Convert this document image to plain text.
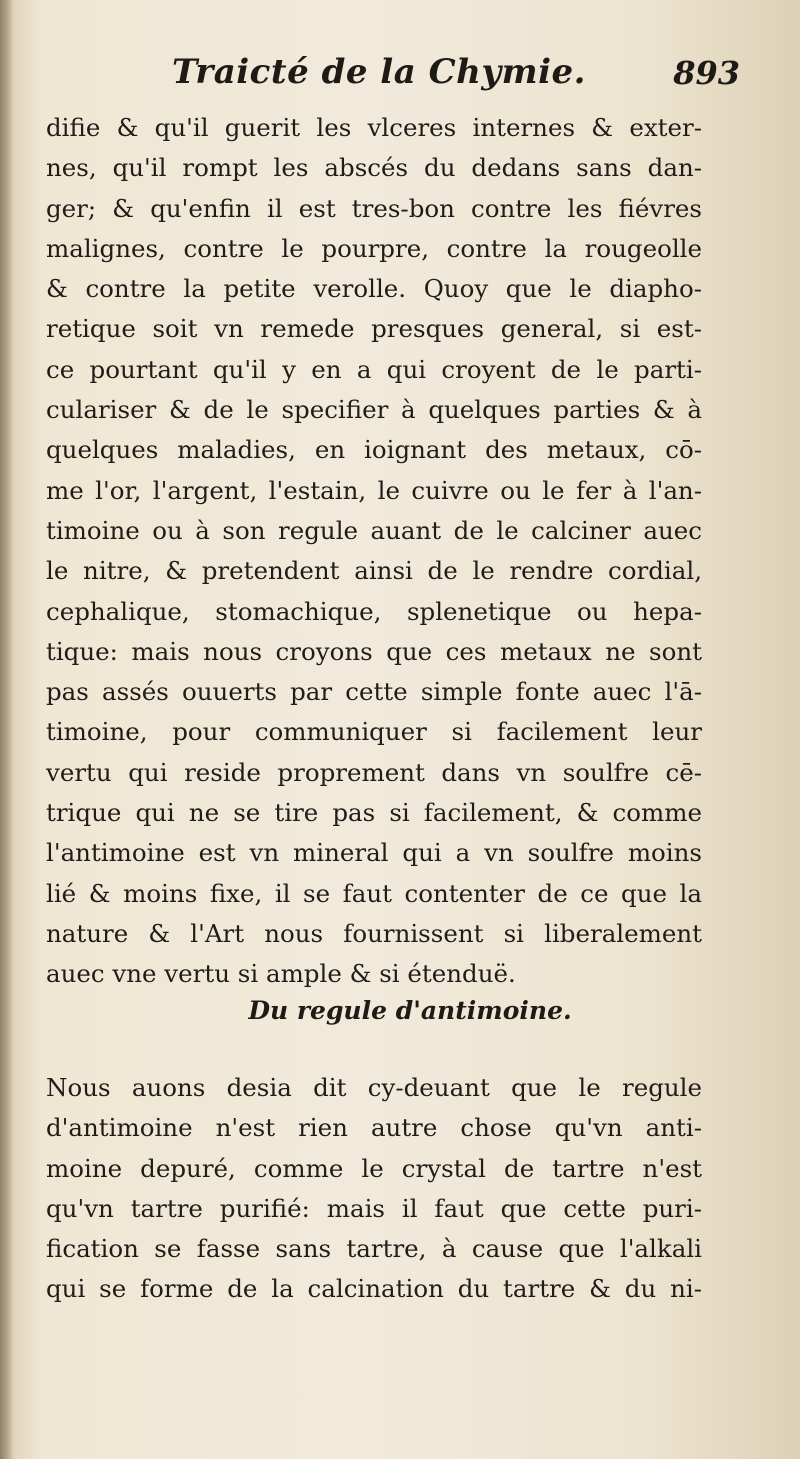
Traicté de la Chymie.	893
difie & qu'il guerit les vlceres internes & exter-
nes, qu'il rompt les abscés du dedans sans dan-
ger; & qu'enfin il est tres-bon contre les fiévres
malignes, contre le pourpre, contre la rougeolle
& contre la petite verolle. Quoy que le diapho-
retique soit vn remede presques general, si est-
ce pourtant qu'il y en a qui croyent de le parti-
culariser & de le specifier à quelques parties & à
quelques maladies, en ioignant des metaux, cō-
me l'or, l'argent, l'estain, le cuivre ou le fer à l'an-
timoine ou à son regule auant de le calciner auec
le nitre, & pretendent ainsi de le rendre cordial,
cephalique, stomachique, splenetique ou hepa-
tique: mais nous croyons que ces metaux ne sont
pas assés ouuerts par cette simple fonte auec l'ā-
timoine, pour communiquer si facilement leur
vertu qui reside proprement dans vn soulfre cē-
trique qui ne se tire pas si facilement, & comme
l'antimoine est vn mineral qui a vn soulfre moins
lié & moins fixe, il se faut contenter de ce que la
nature & l'Art nous fournissent si liberalement
auec vne vertu si ample & si étenduë.
Du regule d'antimoine.
Nous auons desia dit cy-deuant que le regule
d'antimoine n'est rien autre chose qu'vn anti-
moine depuré, comme le crystal de tartre n'est
qu'vn tartre purifié: mais il faut que cette puri-
fication se fasse sans tartre, à cause que l'alkali
qui se forme de la calcination du tartre & du ni-
